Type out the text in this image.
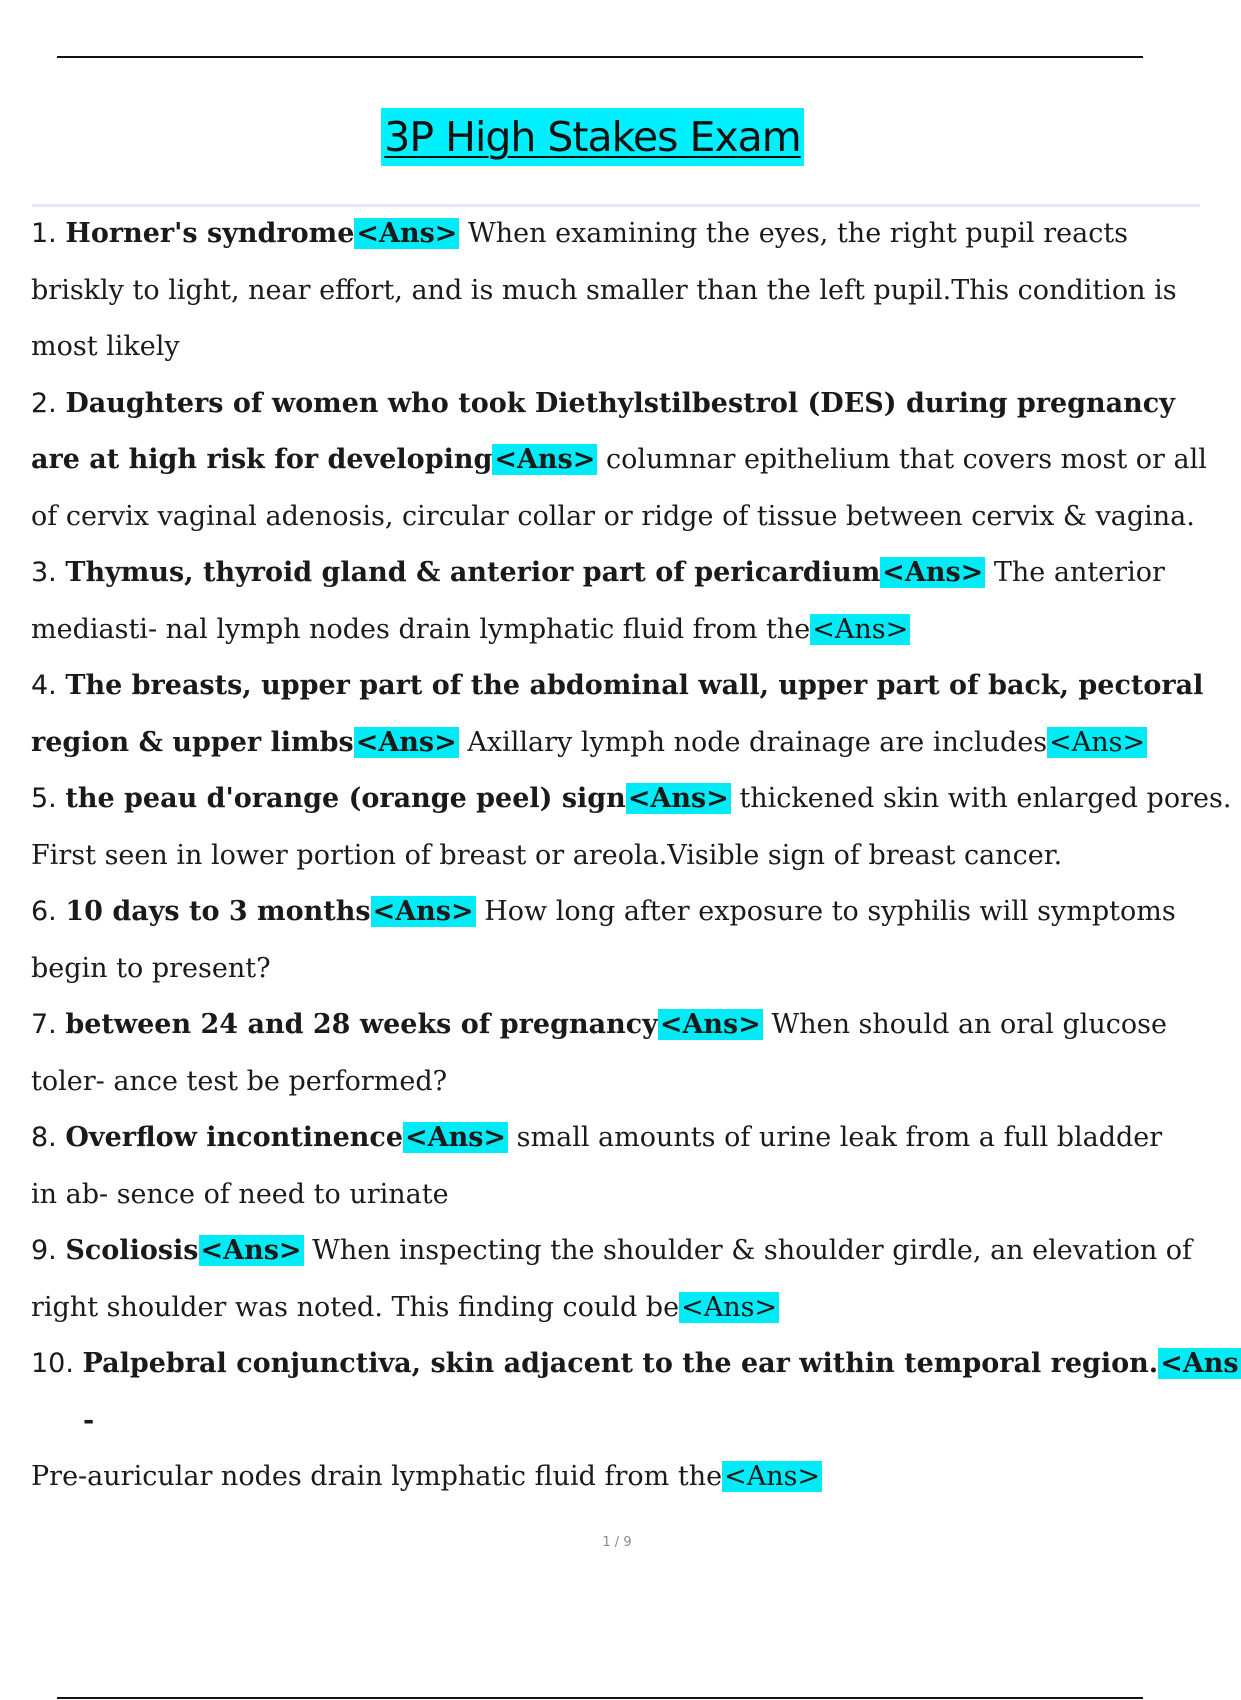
3P High Stakes Exam
1. Horner's syndrome<Ans> When examining the eyes, the right pupil reacts
briskly to light, near effort, and is much smaller than the left pupil.This condition is
most likely
2. Daughters of women who took Diethylstilbestrol (DES) during pregnancy
are at high risk for developing<Ans> columnar epithelium that covers most or all
of cervix vaginal adenosis, circular collar or ridge of tissue between cervix & vagina.
3. Thymus, thyroid gland & anterior part of pericardium<Ans> The anterior
mediasti- nal lymph nodes drain lymphatic fluid from the<Ans>
4. The breasts, upper part of the abdominal wall, upper part of back, pectoral
region & upper limbs<Ans> Axillary lymph node drainage are includes<Ans>
5. the peau d'orange (orange peel) sign<Ans> thickened skin with enlarged pores.
First seen in lower portion of breast or areola.Visible sign of breast cancer.
6. 10 days to 3 months<Ans> How long after exposure to syphilis will symptoms
begin to present?
7. between 24 and 28 weeks of pregnancy<Ans> When should an oral glucose
toler- ance test be performed?
8. Overflow incontinence<Ans> small amounts of urine leak from a full bladder
in ab- sence of need to urinate
9. Scoliosis<Ans> When inspecting the shoulder & shoulder girdle, an elevation of
right shoulder was noted. This finding could be<Ans>
10. Palpebral conjunctiva, skin adjacent to the ear within temporal region.<Ans
-
Pre-auricular nodes drain lymphatic fluid from the<Ans>
1 / 9
